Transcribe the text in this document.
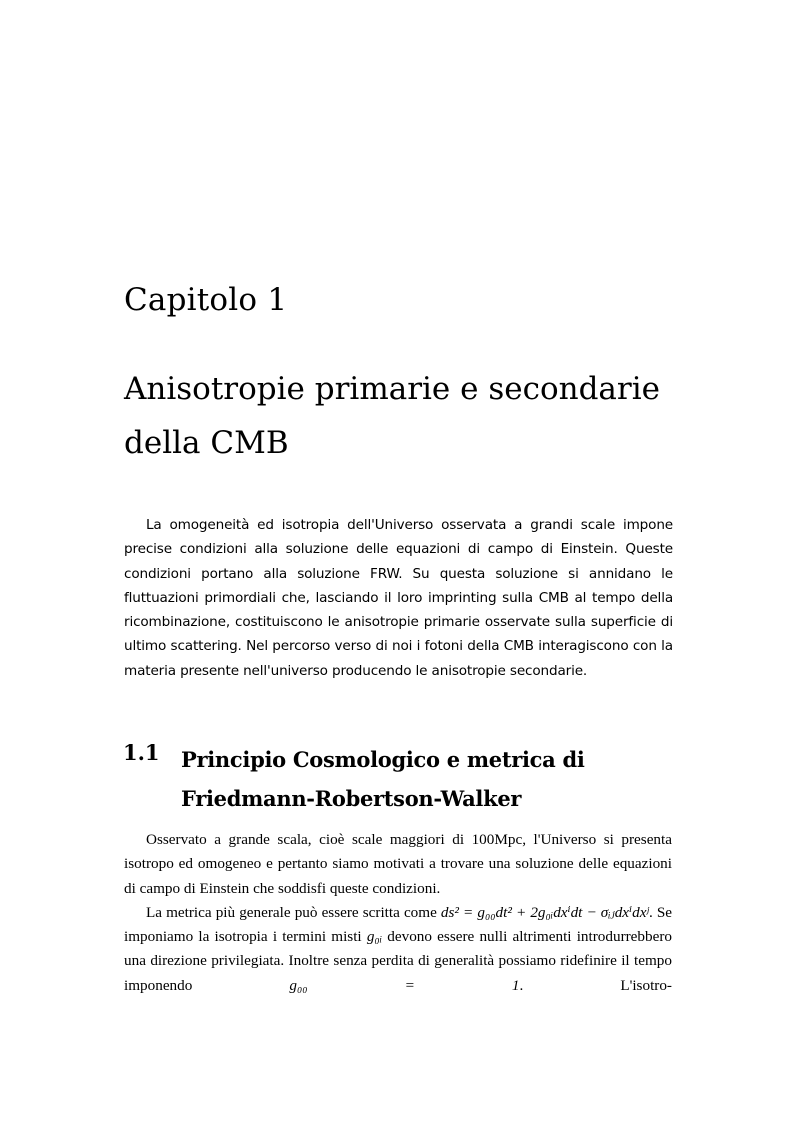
Capitolo 1
Anisotropie primarie e secondarie
della CMB

La omogeneità ed isotropia dell'Universo osservata a grandi scale impone precise condizioni alla soluzione delle equazioni di campo di Einstein. Queste condizioni portano alla soluzione FRW. Su questa soluzione si annidano le fluttuazioni primordiali che, lasciando il loro imprinting sulla CMB al tempo della ricombinazione, costituiscono le anisotropie primarie osservate sulla superficie di ultimo scattering. Nel percorso verso di noi i fotoni della CMB interagiscono con la materia presente nell'universo producendo le anisotropie secondarie.

1.1 Principio Cosmologico e metrica di Friedmann-Robertson-Walker

Osservato a grande scala, cioè scale maggiori di 100Mpc, l'Universo si presenta isotropo ed omogeneo e pertanto siamo motivati a trovare una soluzione delle equazioni di campo di Einstein che soddisfi queste condizioni.

La metrica più generale può essere scritta come ds² = g₀₀dt² + 2g₀ᵢdxⁱdt − σᵢⱼdxⁱdxʲ. Se imponiamo la isotropia i termini misti g₀ᵢ devono essere nulli altrimenti introdurrebbero una direzione privilegiata. Inoltre senza perdita di generalità possiamo ridefinire il tempo imponendo g₀₀ = 1. L'isotro-
